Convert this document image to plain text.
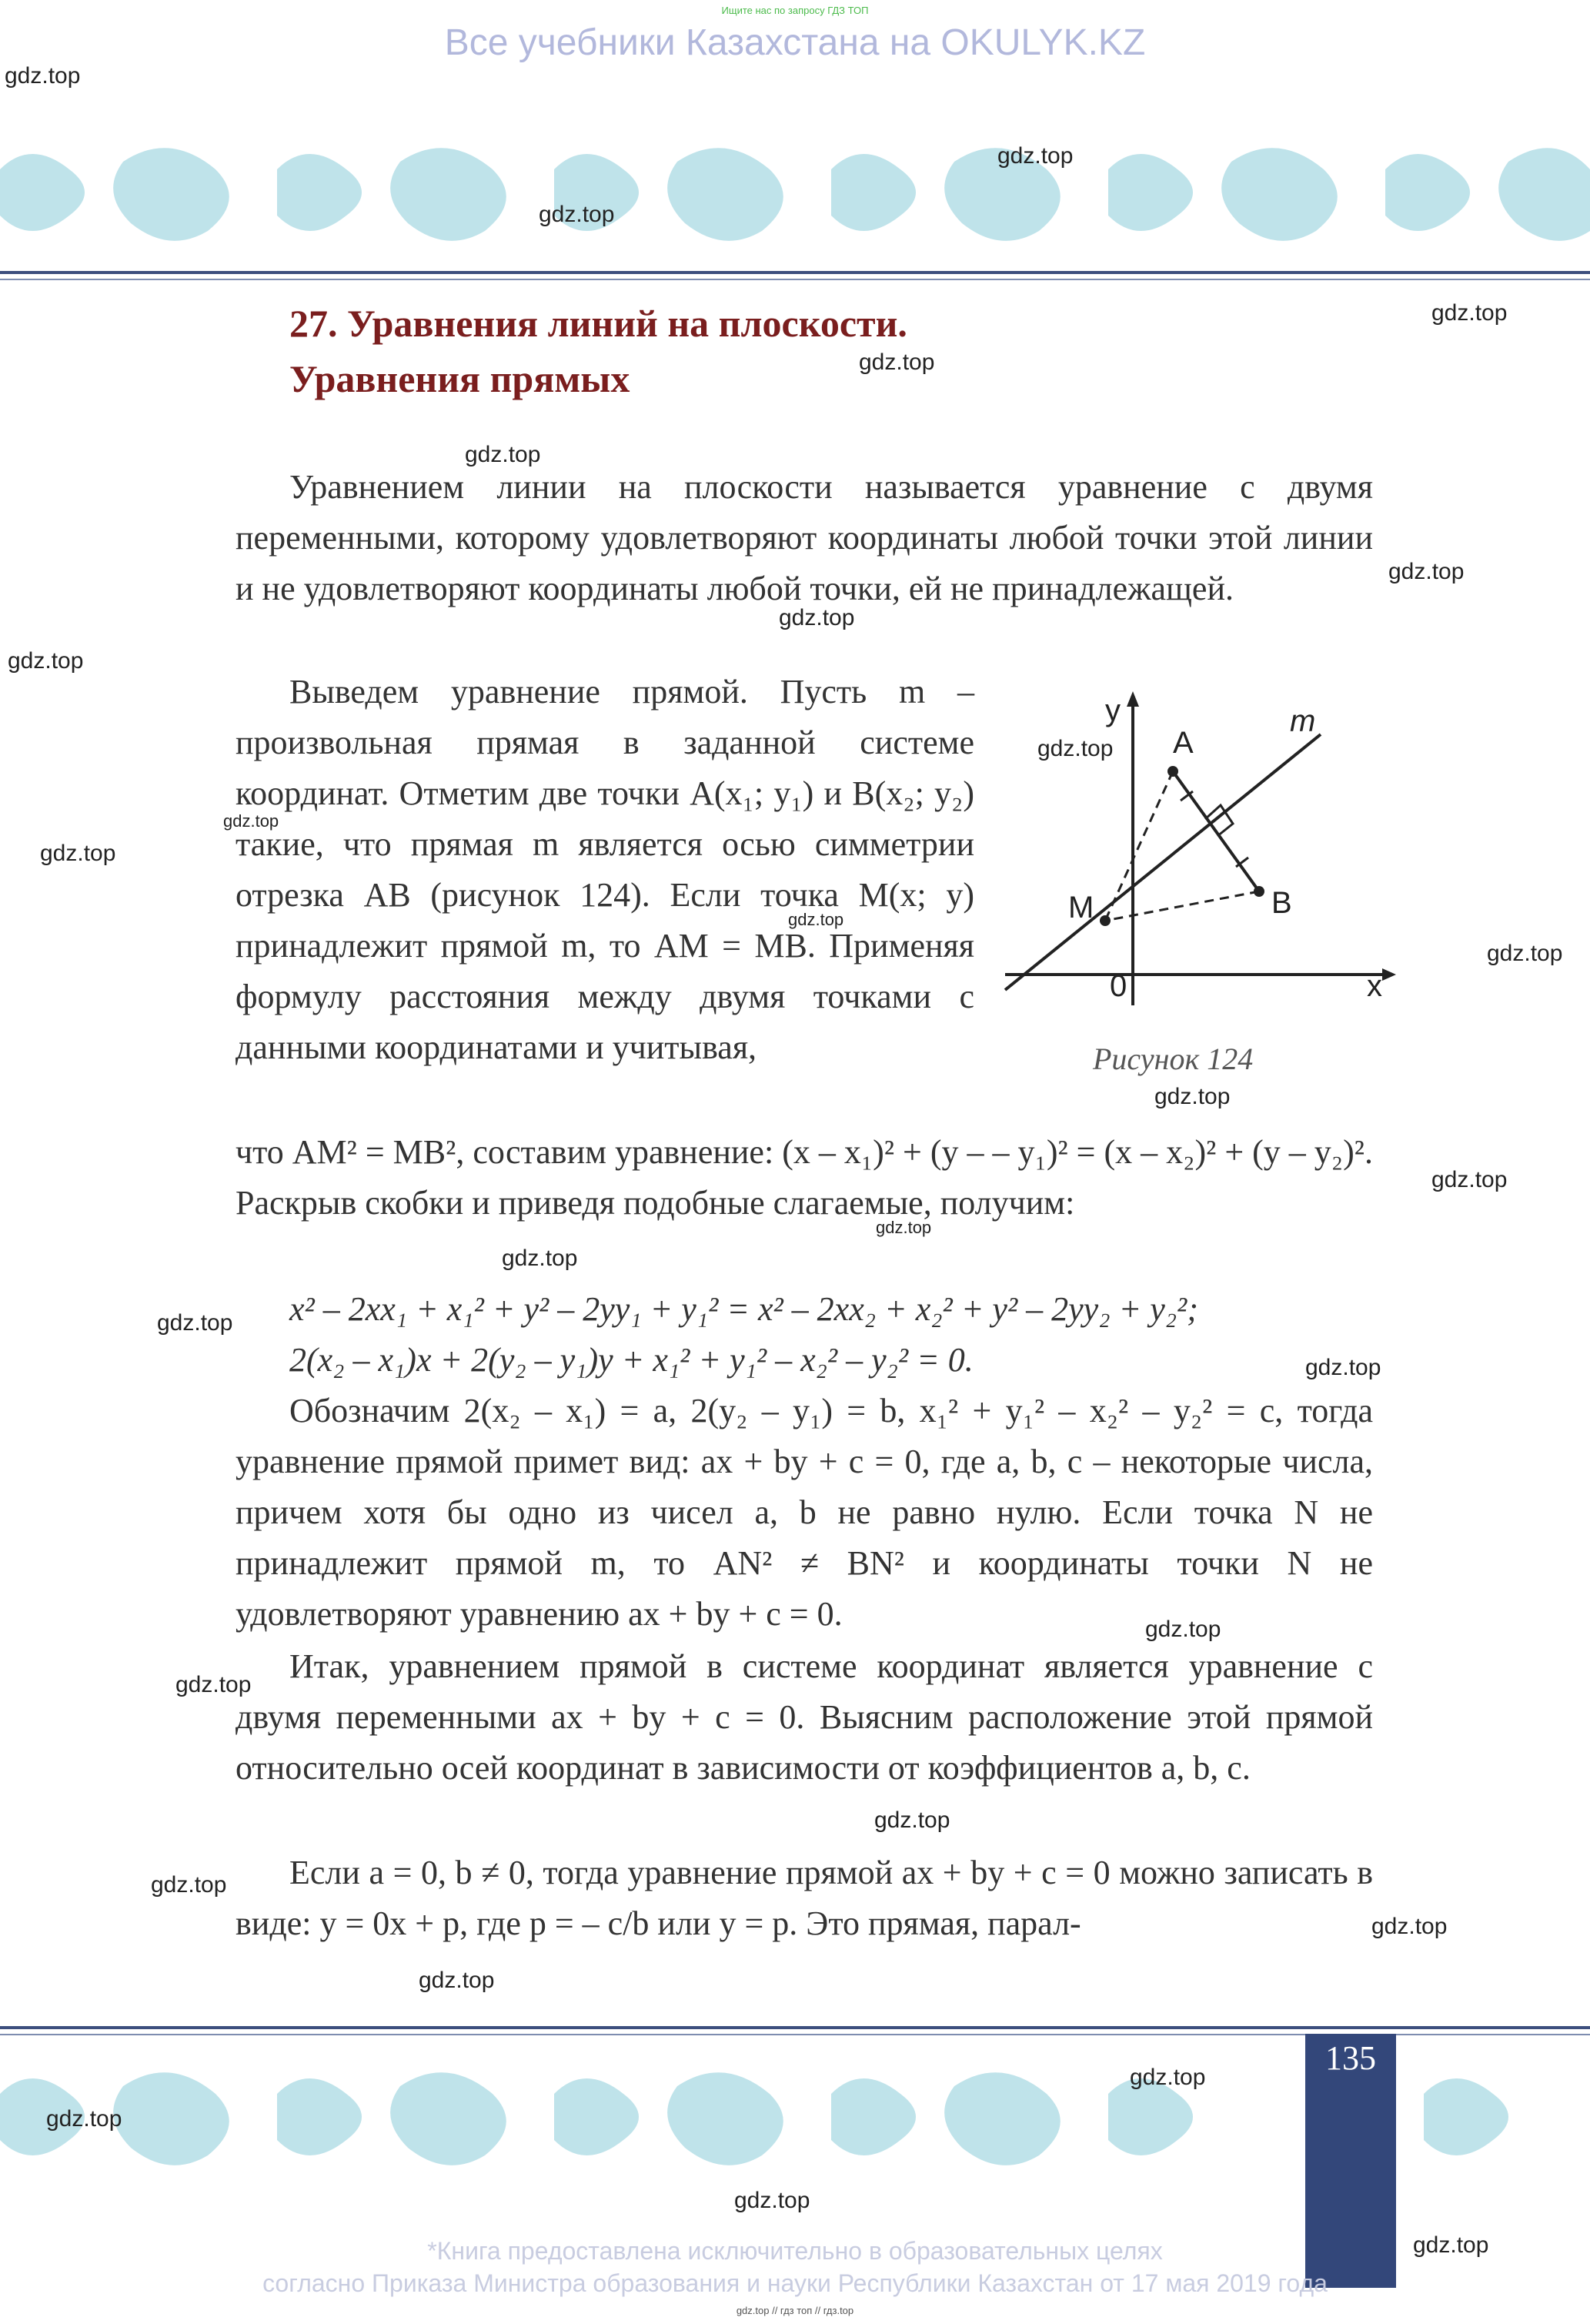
Ищите нас по запросу ГДЗ ТОП
Все учебники Казахстана на OKULYK.KZ
27. Уравнения линий на плоскости.
Уравнения прямых

Уравнением линии на плоскости называется уравнение с двумя переменными, которому удовлетворяют координаты любой точки этой линии и не удовлетворяют координаты любой точки, ей не принадлежащей.

Выведем уравнение прямой. Пусть m – произвольная прямая в заданной системе координат. Отметим две точки A(x₁; y₁) и B(x₂; y₂) такие, что прямая m является осью симметрии отрезка AB (рисунок 124). Если точка M(x; y) принадлежит прямой m, то AM = MB. Применяя формулу расстояния между двумя точками с данными координатами и учитывая,

y
x
0
A
B
M
m
Рисунок 124

что AM² = MB², составим уравнение: (x – x₁)² + (y – – y₁)² = (x – x₂)² + (y – y₂)². Раскрыв скобки и приведя подобные слагаемые, получим:

x² – 2xx₁ + x₁² + y² – 2yy₁ + y₁² = x² – 2xx₂ + x₂² + y² – 2yy₂ + y₂²;
2(x₂ – x₁)x + 2(y₂ – y₁)y + x₁² + y₁² – x₂² – y₂² = 0.

Обозначим 2(x₂ – x₁) = a, 2(y₂ – y₁) = b, x₁² + y₁² – x₂² – y₂² = c, тогда уравнение прямой примет вид: ax + by + c = 0, где a, b, c – некоторые числа, причем хотя бы одно из чисел a, b не равно нулю. Если точка N не принадлежит прямой m, то AN² ≠ BN² и координаты точки N не удовлетворяют уравнению ax + by + c = 0.

Итак, уравнением прямой в системе координат является уравнение с двумя переменными ax + by + c = 0. Выясним расположение этой прямой относительно осей координат в зависимости от коэффициентов a, b, c.

Если a = 0, b ≠ 0, тогда уравнение прямой ax + by + c = 0 можно записать в виде: y = 0x + p, где p = – c/b или y = p. Это прямая, парал-

135
*Книга предоставлена исключительно в образовательных целях
согласно Приказа Министра образования и науки Республики Казахстан от 17 мая 2019 года
gdz.top // гдз топ // гдз.top
gdz.top
gdz.top
gdz.top
gdz.top
gdz.top
gdz.top
gdz.top
gdz.top
gdz.top
gdz.top
gdz.top
gdz.top
gdz.top
gdz.top
gdz.top
gdz.top
gdz.top
gdz.top
gdz.top
gdz.top
gdz.top
gdz.top
gdz.top
gdz.top
gdz.top
gdz.top
gdz.top
gdz.top
gdz.top
gdz.top
